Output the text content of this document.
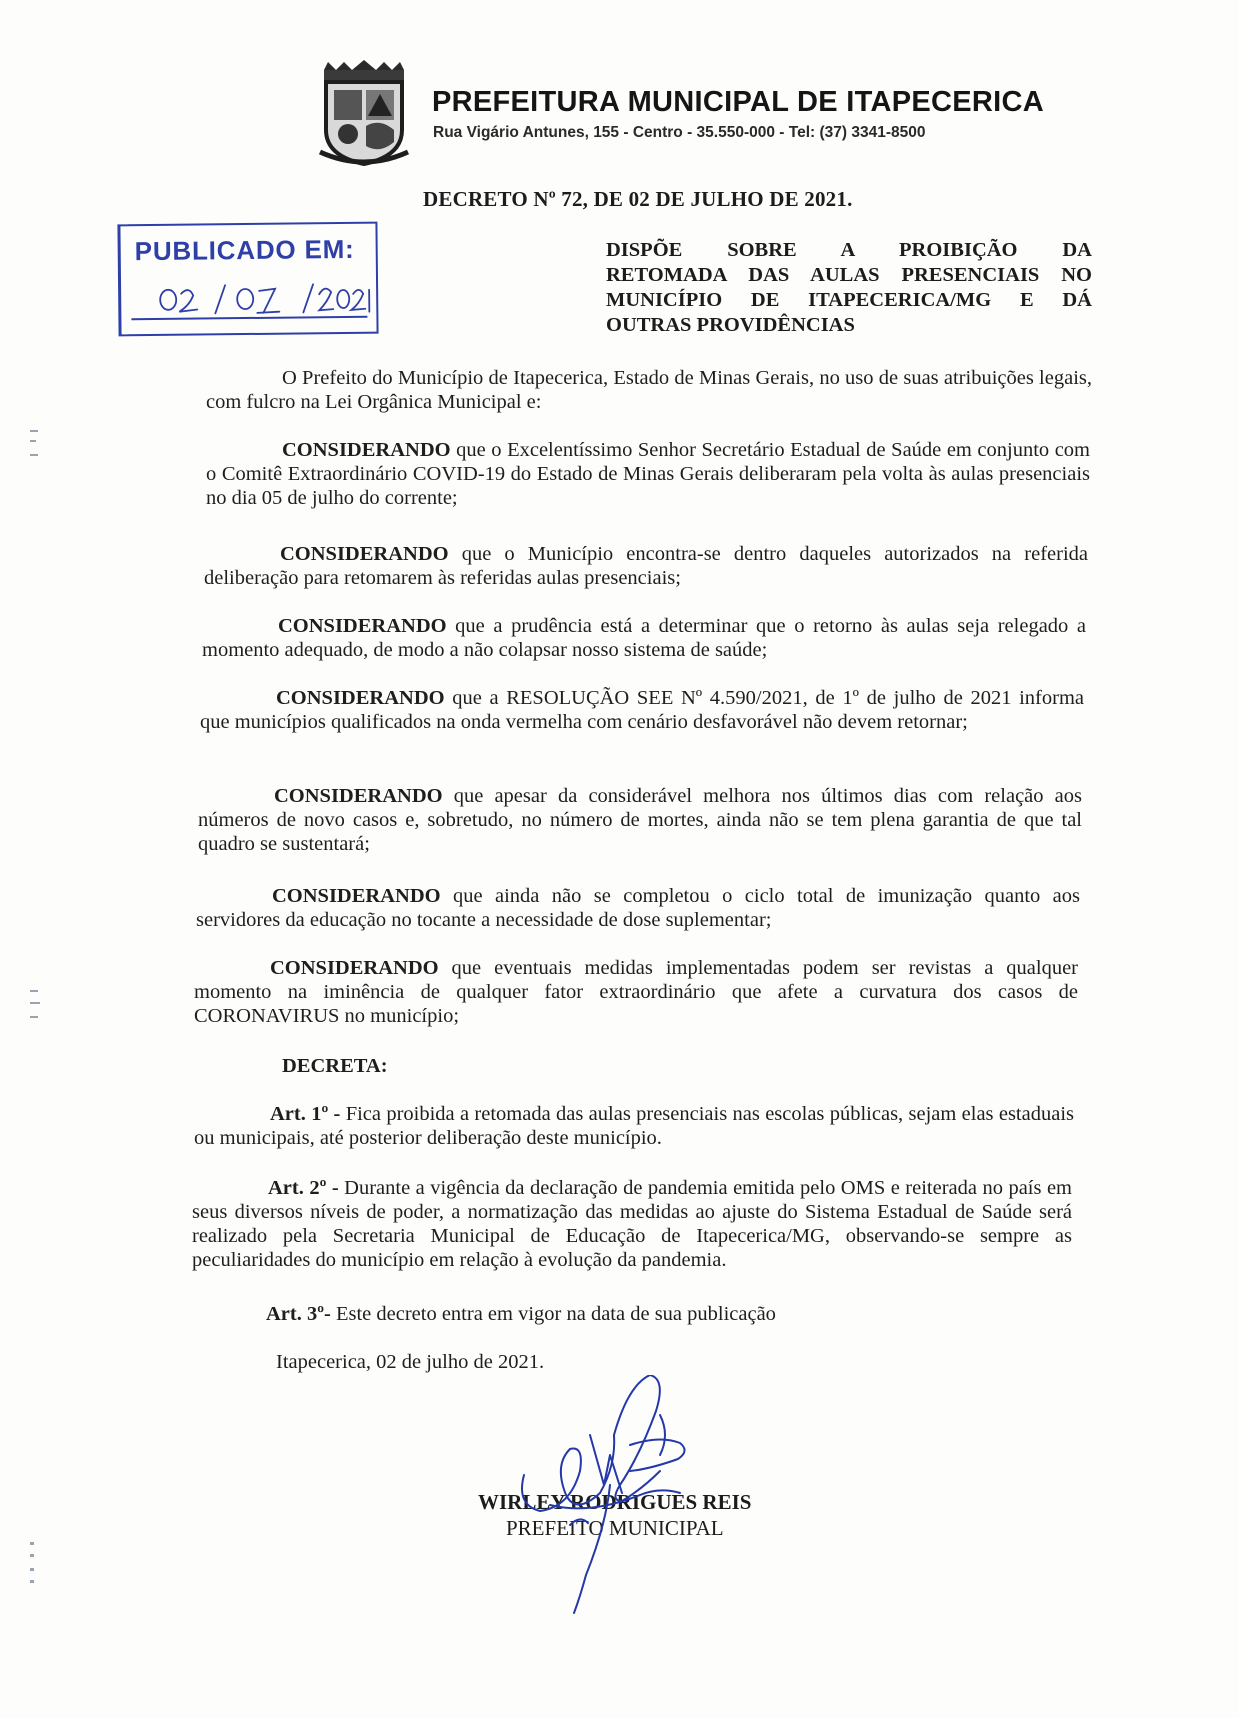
PREFEITURA MUNICIPAL DE ITAPECERICA
Rua Vigário Antunes, 155 - Centro - 35.550-000 - Tel: (37) 3341-8500
DECRETO Nº 72, DE 02 DE JULHO DE 2021.
PUBLICADO EM:	DISPÕE SOBRE A PROIBIÇÃO DA
RETOMADA DAS AULAS PRESENCIAIS NO
MUNICÍPIO DE ITAPECERICA/MG E DÁ
OUTRAS PROVIDÊNCIAS
O Prefeito do Município de Itapecerica, Estado de Minas Gerais, no uso de suas atribuições legais, com fulcro na Lei Orgânica Municipal e:
CONSIDERANDO que o Excelentíssimo Senhor Secretário Estadual de Saúde em conjunto com o Comitê Extraordinário COVID-19 do Estado de Minas Gerais deliberaram pela volta às aulas presenciais no dia 05 de julho do corrente;
CONSIDERANDO que o Município encontra-se dentro daqueles autorizados na referida deliberação para retomarem às referidas aulas presenciais;
CONSIDERANDO que a prudência está a determinar que o retorno às aulas seja relegado a momento adequado, de modo a não colapsar nosso sistema de saúde;
CONSIDERANDO que a RESOLUÇÃO SEE Nº 4.590/2021, de 1º de julho de 2021 informa que municípios qualificados na onda vermelha com cenário desfavorável não devem retornar;
CONSIDERANDO que apesar da considerável melhora nos últimos dias com relação aos números de novo casos e, sobretudo, no número de mortes, ainda não se tem plena garantia de que tal quadro se sustentará;
CONSIDERANDO que ainda não se completou o ciclo total de imunização quanto aos servidores da educação no tocante a necessidade de dose suplementar;
CONSIDERANDO que eventuais medidas implementadas podem ser revistas a qualquer momento na iminência de qualquer fator extraordinário que afete a curvatura dos casos de CORONAVIRUS no município;
DECRETA:
Art. 1º - Fica proibida a retomada das aulas presenciais nas escolas públicas, sejam elas estaduais ou municipais, até posterior deliberação deste município.
Art. 2º - Durante a vigência da declaração de pandemia emitida pelo OMS e reiterada no país em seus diversos níveis de poder, a normatização das medidas ao ajuste do Sistema Estadual de Saúde será realizado pela Secretaria Municipal de Educação de Itapecerica/MG, observando-se sempre as peculiaridades do município em relação à evolução da pandemia.
Art. 3º- Este decreto entra em vigor na data de sua publicação
Itapecerica, 02 de julho de 2021.
WIRLEY RODRIGUES REIS
PREFEITO MUNICIPAL
